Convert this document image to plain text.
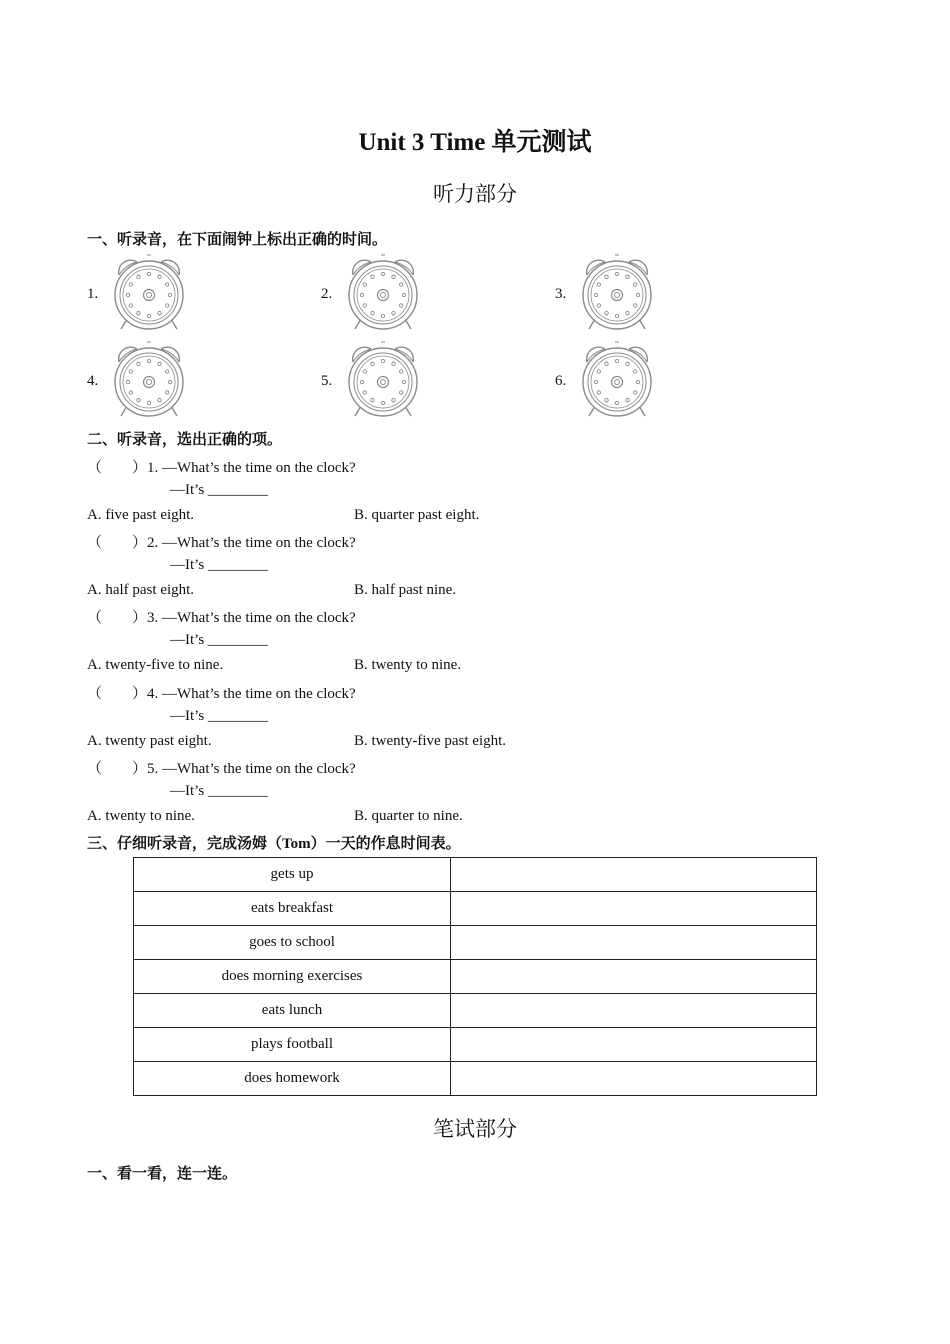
Unit 3 Time 单元测试
听力部分
一、听录音，在下面闹钟上标出正确的时间。
1.	2.	3.
4.	5.	6.
二、听录音，选出正确的项。
（　　）1. —What’s the time on the clock?
—It’s ________
A. five past eight.	B. quarter past eight.
（　　）2. —What’s the time on the clock?
—It’s ________
A. half past eight.	B. half past nine.
（　　）3. —What’s the time on the clock?
—It’s ________
A. twenty-five to nine.	B. twenty to nine.
（　　）4. —What’s the time on the clock?
—It’s ________
A. twenty past eight.	B. twenty-five past eight.
（　　）5. —What’s the time on the clock?
—It’s ________
A. twenty to nine.	B. quarter to nine.
三、仔细听录音，完成汤姆（Tom）一天的作息时间表。
gets up	
eats breakfast	
goes to school	
does morning exercises	
eats lunch	
plays football	
does homework	
笔试部分
一、看一看，连一连。
